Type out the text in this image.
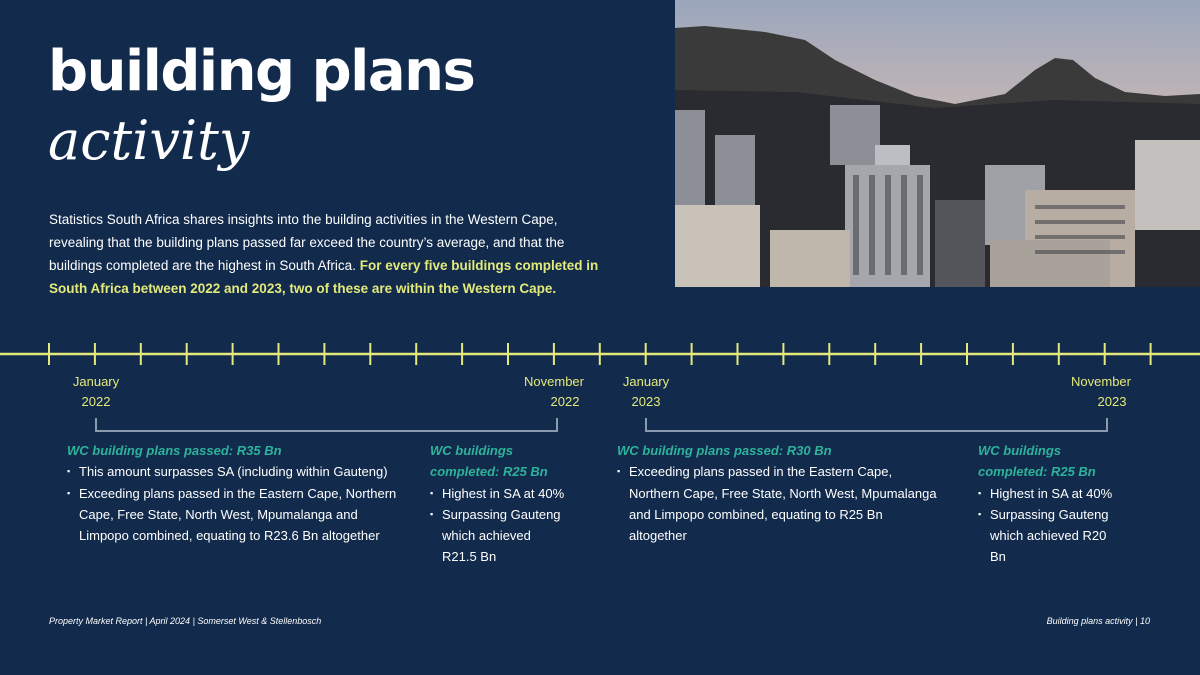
building plans
activity
Statistics South Africa shares insights into the building activities in the Western Cape, revealing that the building plans passed far exceed the country’s average, and that the buildings completed are the highest in South Africa. For every five buildings completed in South Africa between 2022 and 2023, two of these are within the Western Cape.
January
2022
November
2022
January
2023
November
2023
WC building plans passed: R35 Bn
▪ This amount surpasses SA (including within Gauteng)
▪ Exceeding plans passed in the Eastern Cape, Northern Cape, Free State, North West, Mpumalanga and Limpopo combined, equating to R23.6 Bn altogether
WC buildings completed: R25 Bn
▪ Highest in SA at 40%
▪ Surpassing Gauteng which achieved R21.5 Bn
WC building plans passed: R30 Bn
▪ Exceeding plans passed in the Eastern Cape, Northern Cape, Free State, North West, Mpumalanga and Limpopo combined, equating to R25 Bn altogether
WC buildings completed: R25 Bn
▪ Highest in SA at 40%
▪ Surpassing Gauteng which achieved R20 Bn
Property Market Report | April 2024 | Somerset West & Stellenbosch	Building plans activity | 10
